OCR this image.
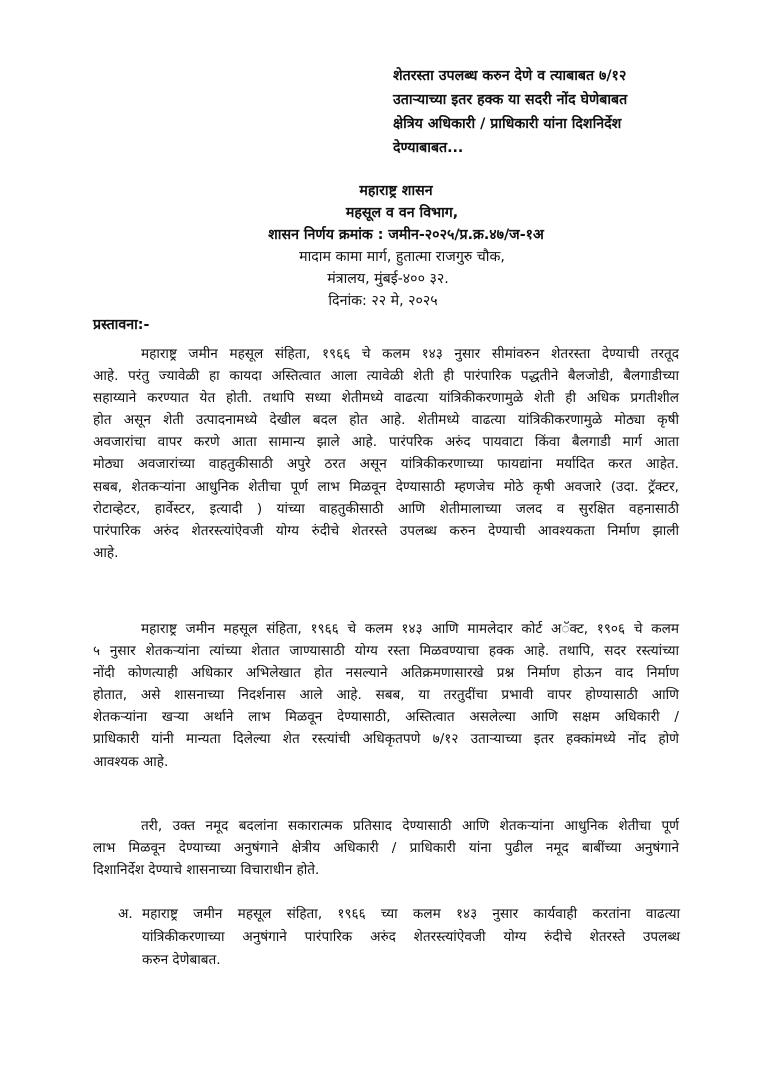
शेतरस्ता उपलब्ध करुन देणे व त्याबाबत ७/१२
उताऱ्याच्या इतर हक्क या सदरी नोंद घेणेबाबत
क्षेत्रिय अधिकारी / प्राधिकारी यांना दिशनिर्देश
देण्याबाबत...
महाराष्ट्र शासन
महसूल व वन विभाग,
शासन निर्णय क्रमांक : जमीन-२०२५/प्र.क्र.४७/ज-१अ
मादाम कामा मार्ग, हुतात्मा राजगुरु चौक,
मंत्रालय, मुंबई-४०० ३२.
दिनांक: २२ मे, २०२५
प्रस्तावना:-
महाराष्ट्र जमीन महसूल संहिता, १९६६ चे कलम १४३ नुसार सीमांवरुन शेतरस्ता देण्याची तरतूद
आहे. परंतु ज्यावेळी हा कायदा अस्तित्वात आला त्यावेळी शेती ही पारंपारिक पद्धतीने बैलजोडी, बैलगाडीच्या
सहाय्याने करण्यात येत होती. तथापि सध्या शेतीमध्ये वाढत्या यांत्रिकीकरणामुळे शेती ही अधिक प्रगतीशील
होत असून शेती उत्पादनामध्ये देखील बदल होत आहे. शेतीमध्ये वाढत्या यांत्रिकीकरणामुळे मोठ्या कृषी
अवजारांचा वापर करणे आता सामान्य झाले आहे. पारंपरिक अरुंद पायवाटा किंवा बैलगाडी मार्ग आता
मोठ्या अवजारांच्या वाहतुकीसाठी अपुरे ठरत असून यांत्रिकीकरणाच्या फायद्यांना मर्यादित करत आहेत.
सबब, शेतकऱ्यांना आधुनिक शेतीचा पूर्ण लाभ मिळवून देण्यासाठी म्हणजेच मोठे कृषी अवजारे (उदा. ट्रॅक्टर,
रोटाव्हेटर, हार्वेस्टर, इत्यादी ) यांच्या वाहतुकीसाठी आणि शेतीमालाच्या जलद व सुरक्षित वहनासाठी
पारंपारिक अरुंद शेतरस्त्यांऐवजी योग्य रुंदीचे शेतरस्ते उपलब्ध करुन देण्याची आवश्यकता निर्माण झाली
आहे.
महाराष्ट्र जमीन महसूल संहिता, १९६६ चे कलम १४३ आणि मामलेदार कोर्ट अॅक्ट, १९०६ चे कलम
५ नुसार शेतकऱ्यांना त्यांच्या शेतात जाण्यासाठी योग्य रस्ता मिळवण्याचा हक्क आहे. तथापि, सदर रस्त्यांच्या
नोंदी कोणत्याही अधिकार अभिलेखात होत नसल्याने अतिक्रमणासारखे प्रश्न निर्माण होऊन वाद निर्माण
होतात, असे शासनाच्या निदर्शनास आले आहे. सबब, या तरतुदींचा प्रभावी वापर होण्यासाठी आणि
शेतकऱ्यांना खऱ्या अर्थाने लाभ मिळवून देण्यासाठी, अस्तित्वात असलेल्या आणि सक्षम अधिकारी /
प्राधिकारी यांनी मान्यता दिलेल्या शेत रस्त्यांची अधिकृतपणे ७/१२ उताऱ्याच्या इतर हक्कांमध्ये नोंद होणे
आवश्यक आहे.
तरी, उक्त नमूद बदलांना सकारात्मक प्रतिसाद देण्यासाठी आणि शेतकऱ्यांना आधुनिक शेतीचा पूर्ण
लाभ मिळवून देण्याच्या अनुषंगाने क्षेत्रीय अधिकारी / प्राधिकारी यांना पुढील नमूद बाबींच्या अनुषंगाने
दिशानिर्देश देण्याचे शासनाच्या विचाराधीन होते.
अ. महाराष्ट्र जमीन महसूल संहिता, १९६६ च्या कलम १४३ नुसार कार्यवाही करतांना वाढत्या
यांत्रिकीकरणाच्या अनुषंगाने पारंपारिक अरुंद शेतरस्त्यांऐवजी योग्य रुंदीचे शेतरस्ते उपलब्ध
करुन देणेबाबत.
